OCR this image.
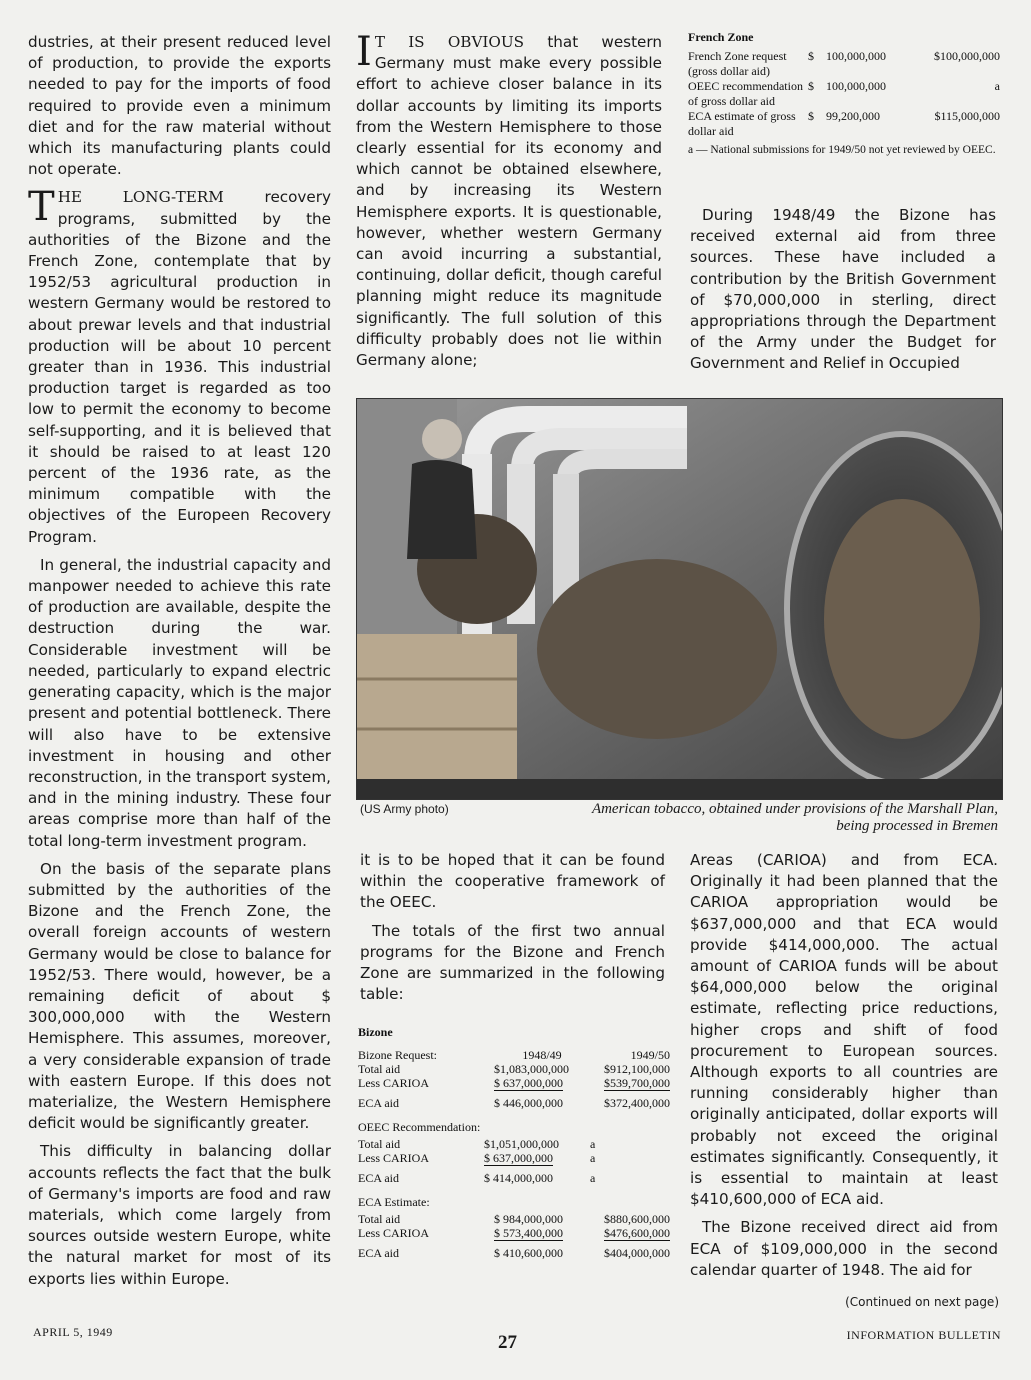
dustries, at their present reduced level of production, to provide the exports needed to pay for the imports of food required to provide even a minimum diet and for the raw material without which its manufacturing plants could not operate.

THE LONG-TERM recovery programs, submitted by the authorities of the Bizone and the French Zone, contemplate that by 1952/53 agricultural production in western Germany would be restored to about prewar levels and that industrial production will be about 10 percent greater than in 1936. This industrial production target is regarded as too low to permit the economy to become self-supporting, and it is believed that it should be raised to at least 120 percent of the 1936 rate, as the minimum compatible with the objectives of the Europeen Recovery Program.

In general, the industrial capacity and manpower needed to achieve this rate of production are available, despite the destruction during the war. Considerable investment will be needed, particularly to expand electric generating capacity, which is the major present and potential bottleneck. There will also have to be extensive investment in housing and other reconstruction, in the transport system, and in the mining industry. These four areas comprise more than half of the total long-term investment program.

On the basis of the separate plans submitted by the authorities of the Bizone and the French Zone, the overall foreign accounts of western Germany would be close to balance for 1952/53. There would, however, be a remaining deficit of about $ 300,000,000 with the Western Hemisphere. This assumes, moreover, a very considerable expansion of trade with eastern Europe. If this does not materialize, the Western Hemisphere deficit would be significantly greater.

This difficulty in balancing dollar accounts reflects the fact that the bulk of Germany's imports are food and raw materials, which come largely from sources outside western Europe, white the natural market for most of its exports lies within Europe.

I T IS OBVIOUS that western Germany must make every possible effort to achieve closer balance in its dollar accounts by limiting its imports from the Western Hemisphere to those clearly essential for its economy and which cannot be obtained elsewhere, and by increasing its Western Hemisphere exports. It is questionable, however, whether western Germany can avoid incurring a substantial, continuing, dollar deficit, though careful planning might reduce its magnitude significantly. The full solution of this difficulty probably does not lie within Germany alone;

French Zone
French Zone request (gross dollar aid)
$	100,000,000	$100,000,000
OEEC recommendation of gross dollar aid
$	100,000,000	a
ECA estimate of gross dollar aid
$	99,200,000	$115,000,000
a — National submissions for 1949/50 not yet reviewed by OEEC.

During 1948/49 the Bizone has received external aid from three sources. These have included a contribution by the British Government of $70,000,000 in sterling, direct appropriations through the Department of the Army under the Budget for Government and Relief in Occupied

(US Army photo)	American tobacco, obtained under provisions of the Marshall Plan, being processed in Bremen

it is to be hoped that it can be found within the cooperative framework of the OEEC.

The totals of the first two annual programs for the Bizone and French Zone are summarized in the following table:

Bizone
Bizone Request:	1948/49	1949/50
Total aid	$1,083,000,000	$912,100,000
Less CARIOA	$ 637,000,000	$539,700,000
ECA aid	$ 446,000,000	$372,400,000
OEEC Recommendation:
Total aid	$1,051,000,000	a
Less CARIOA	$ 637,000,000	a
ECA aid	$ 414,000,000	a
ECA Estimate:
Total aid	$ 984,000,000	$880,600,000
Less CARIOA	$ 573,400,000	$476,600,000
ECA aid	$ 410,600,000	$404,000,000

Areas (CARIOA) and from ECA. Originally it had been planned that the CARIOA appropriation would be $637,000,000 and that ECA would provide $414,000,000. The actual amount of CARIOA funds will be about $64,000,000 below the original estimate, reflecting price reductions, higher crops and shift of food procurement to European sources. Although exports to all countries are running considerably higher than originally anticipated, dollar exports will probably not exceed the original estimates significantly. Consequently, it is essential to maintain at least $410,600,000 of ECA aid.

The Bizone received direct aid from ECA of $109,000,000 in the second calendar quarter of 1948. The aid for

(Continued on next page)
APRIL 5, 1949	27	INFORMATION BULLETIN
